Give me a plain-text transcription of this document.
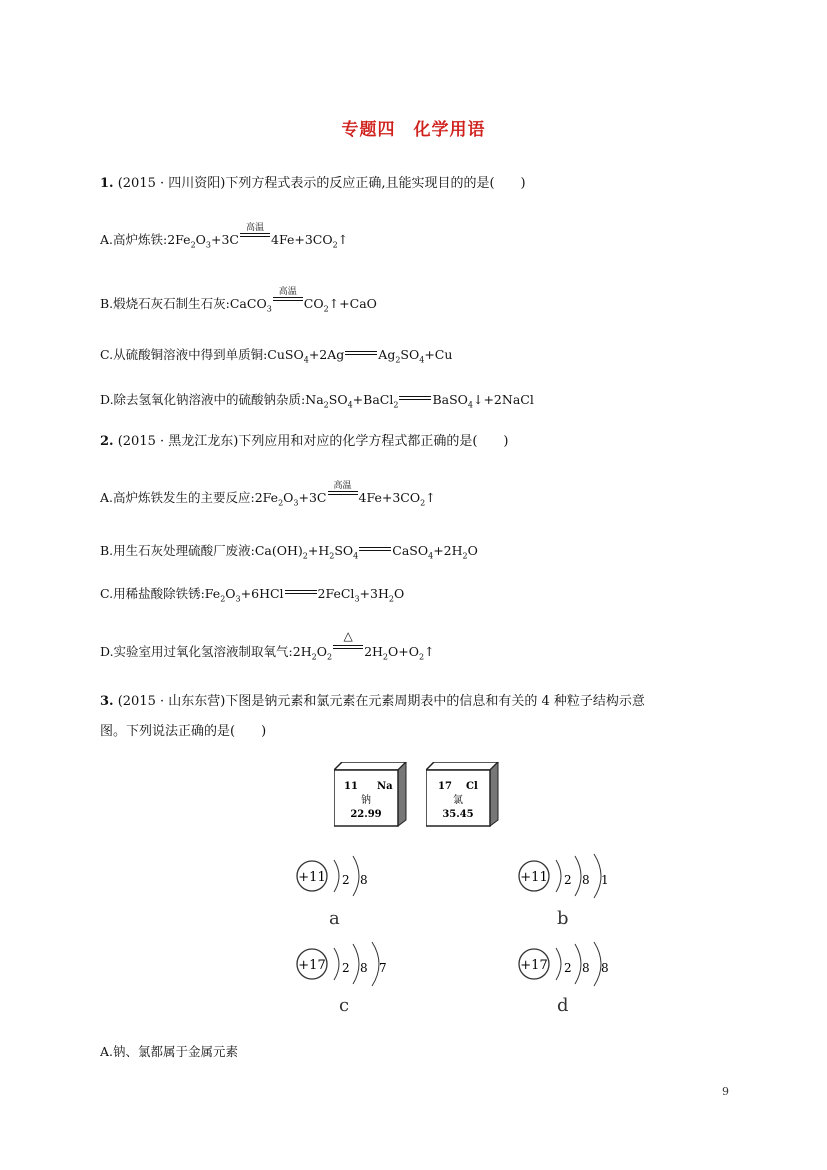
专题四　化学用语
1. (2015 · 四川资阳)下列方程式表示的反应正确,且能实现目的的是(　　)
A.高炉炼铁$:2Fe_2O_3+3C$
高温
$4Fe+3CO_2↑$
B.煅烧石灰石制生石灰:CaCO$_3$
高温
$CO_2↑+CaO$
C.从硫酸铜溶液中得到单质铜:CuSO$_4$+2Ag	$Ag_2SO_4+Cu$
D.除去氢氧化钠溶液中的硫酸钠杂质$:Na_2SO_4+BaCl_2$	BaSO$_4$↓+2NaCl
2. (2015 · 黑龙江龙东)下列应用和对应的化学方程式都正确的是(　　)
A.高炉炼铁发生的主要反应$:2Fe_2O_3+3C$
高温
$4Fe+3CO_2↑$
B.用生石灰处理硫酸厂废液$:Ca(OH)_2+H_2SO_4$	$CaSO_4+2H_2O$
C.用稀盐酸除铁锈$:Fe_2O_3+6HCl$	$2FeCl_3+3H_2O$
D.实验室用过氧化氢溶液制取氧气$:2H_2O_2$
△
$2H_2O+O_2↑$
3. (2015 · 山东东营)下图是钠元素和氯元素在元素周期表中的信息和有关的 4 种粒子结构示意
图。下列说法正确的是(　　)
11 Na
钠
22.99
17 Cl
氯
35.45
+11 2 8
a
+11 2 8 1
b
+17 2 8 7
c
+17 2 8 8
d
A.钠、氯都属于金属元素
9
